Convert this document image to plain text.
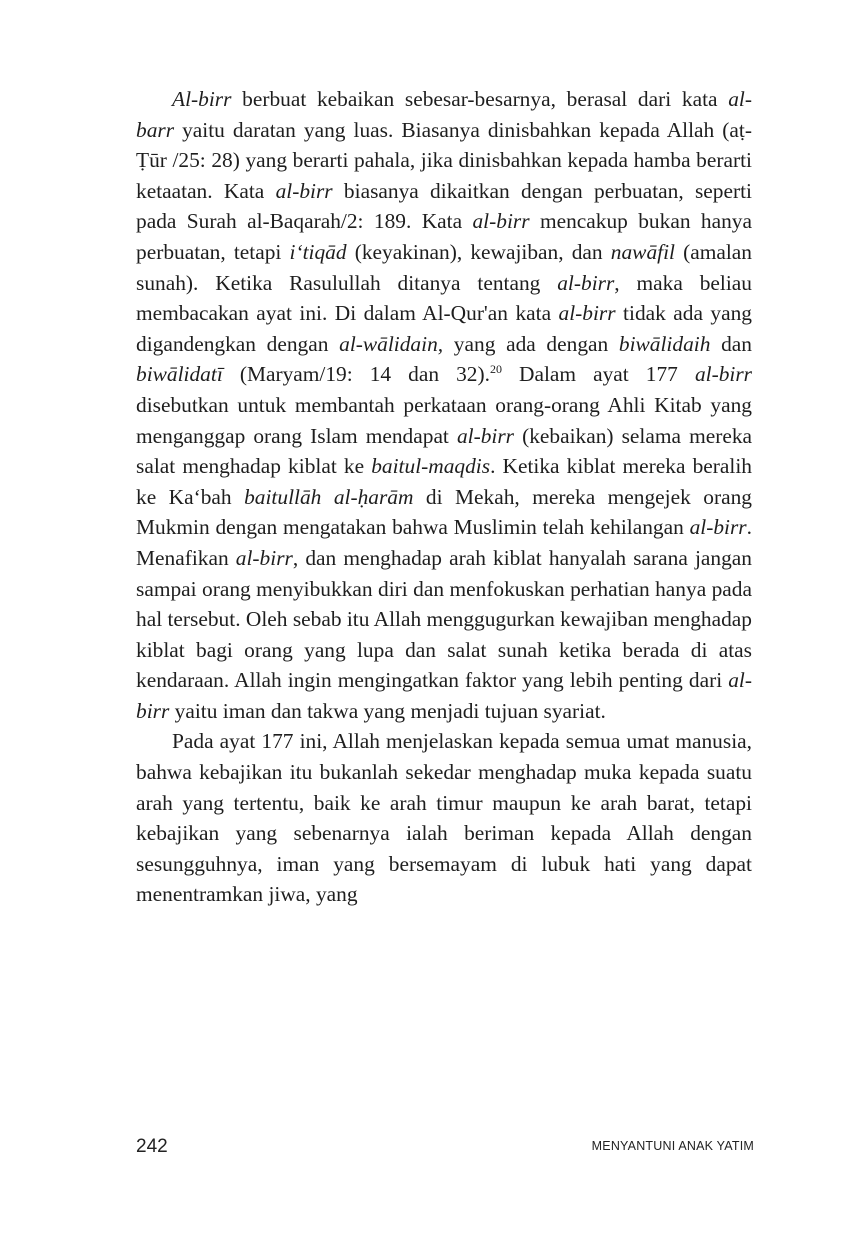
Al-birr berbuat kebaikan sebesar-besarnya, berasal dari kata al-barr yaitu daratan yang luas. Biasanya dinisbahkan kepada Allah (aṭ-Ṭūr /25: 28) yang berarti pahala, jika dinisbahkan kepada hamba berarti ketaatan. Kata al-birr biasanya dikaitkan dengan perbuatan, seperti pada Surah al-Baqarah/2: 189. Kata al-birr mencakup bukan hanya perbuatan, tetapi i‘tiqād (keyakinan), kewajiban, dan nawāfil (amalan sunah). Ketika Rasulullah ditanya tentang al-birr, maka beliau membacakan ayat ini. Di dalam Al-Qur'an kata al-birr tidak ada yang digandengkan dengan al-wālidain, yang ada dengan biwālidaih dan biwālidatī (Maryam/19: 14 dan 32).$^{20}$ Dalam ayat 177 al-birr disebutkan untuk membantah perkataan orang-orang Ahli Kitab yang menganggap orang Islam mendapat al-birr (kebaikan) selama mereka salat menghadap kiblat ke baitul-maqdis. Ketika kiblat mereka beralih ke Ka‘bah baitullāh al-ḥarām di Mekah, mereka mengejek orang Mukmin dengan mengatakan bahwa Muslimin telah kehilangan al-birr. Menafikan al-birr, dan menghadap arah kiblat hanyalah sarana jangan sampai orang menyibukkan diri dan menfokuskan perhatian hanya pada hal tersebut. Oleh sebab itu Allah menggugurkan kewajiban menghadap kiblat bagi orang yang lupa dan salat sunah ketika berada di atas kendaraan. Allah ingin mengingatkan faktor yang lebih penting dari al-birr yaitu iman dan takwa yang menjadi tujuan syariat.

Pada ayat 177 ini, Allah menjelaskan kepada semua umat manusia, bahwa kebajikan itu bukanlah sekedar menghadap muka kepada suatu arah yang tertentu, baik ke arah timur maupun ke arah barat, tetapi kebajikan yang sebenarnya ialah beriman kepada Allah dengan sesungguhnya, iman yang bersemayam di lubuk hati yang dapat menentramkan jiwa, yang

242	MENYANTUNI ANAK YATIM
